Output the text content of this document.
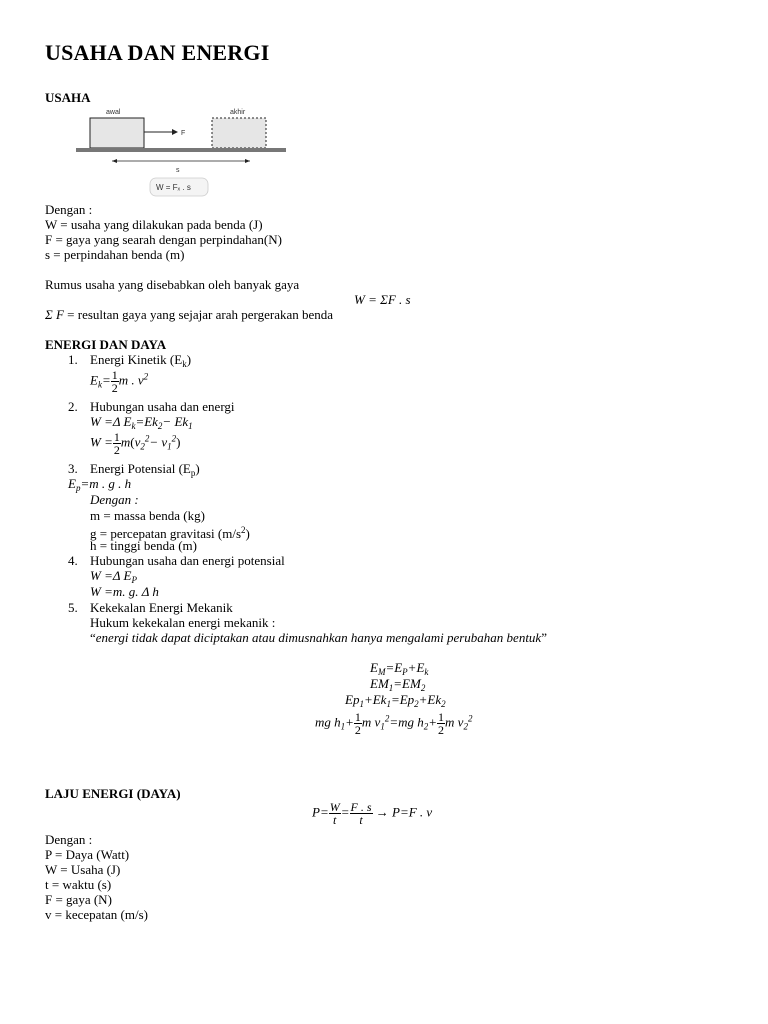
USAHA DAN ENERGI
USAHA
awal
F
akhir
s
W = Fₓ . s
Dengan :
W = usaha yang dilakukan pada benda (J)
F = gaya yang searah dengan perpindahan(N)
s = perpindahan benda (m)
Rumus usaha yang disebabkan oleh banyak gaya
W = ΣF . s
Σ F = resultan gaya yang sejajar arah pergerakan benda
ENERGI DAN DAYA
1. Energi Kinetik $(E_k)$
$E_k= \frac{1}{2}$ m . $v^2$
2. Hubungan usaha dan energi
W =Δ $E_k=Ek_2- Ek_1$
$W = \frac{1}{2} m(v_2^2- v_1^2)$
3. Energi Potensial $(E_p)$
$E_p=m$ . g . h
Dengan :
m = massa benda (kg)
g = percepatan gravitasi $(m/s^2)$
h = tinggi benda (m)
4. Hubungan usaha dan energi potensial
W =Δ $E_P$
W =m. g. Δ h
5. Kekekalan Energi Mekanik
Hukum kekekalan energi mekanik :
“energi tidak dapat diciptakan atau dimusnahkan hanya mengalami perubahan bentuk”
$E_M=E_P+E_k$
$EM_1=EM_2$
$Ep_1+Ek_1=Ep_2+Ek_2$
mg $h_1+ \frac{1}{2}$ m $v_1^2=mg$ $h_2+ \frac{1}{2}$ m $v_2^2$
LAJU ENERGI (DAYA)
$P= \frac{W}{t} = \frac{F . s}{t} \to P=F$ . v
Dengan :
P = Daya (Watt)
W = Usaha (J)
t = waktu (s)
F = gaya (N)
v = kecepatan (m/s)
